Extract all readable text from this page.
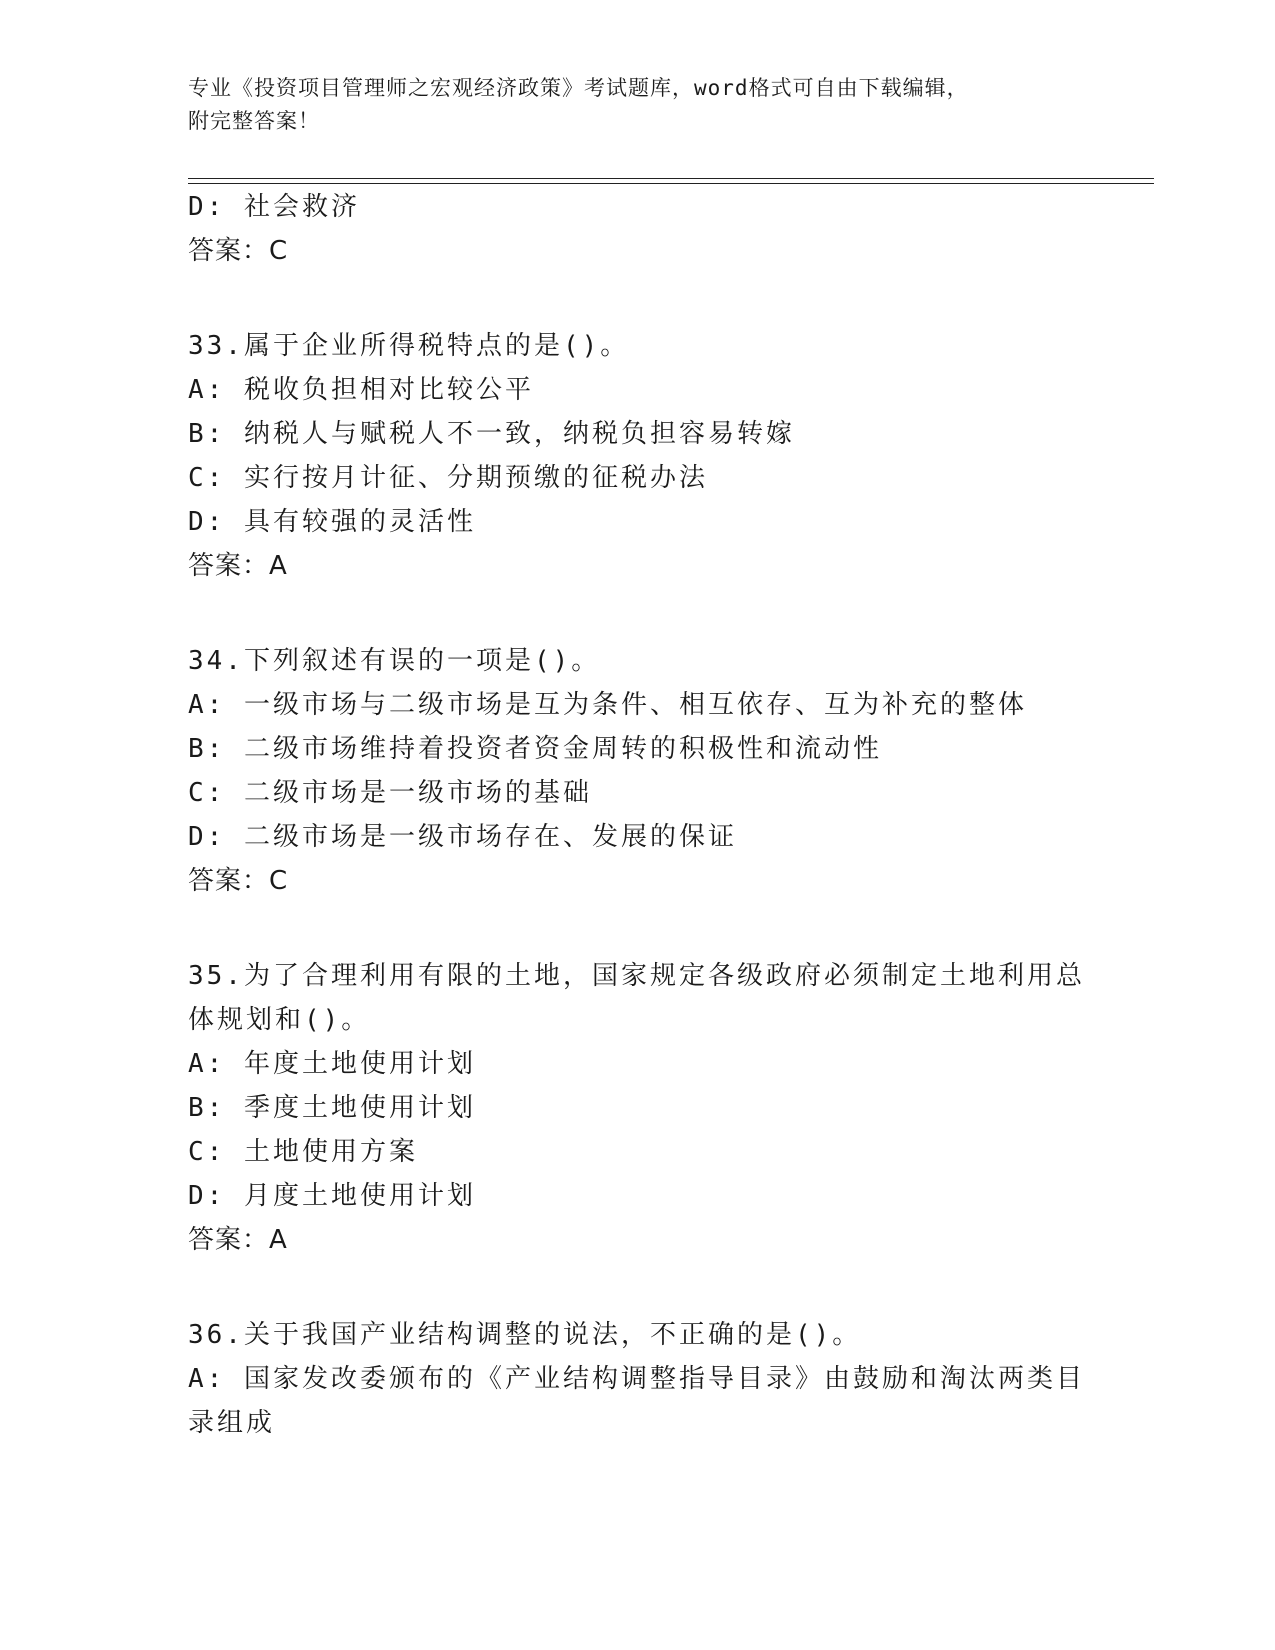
专业《投资项目管理师之宏观经济政策》考试题库，word格式可自由下载编辑，
附完整答案！
D: 社会救济
答案：C
33.属于企业所得税特点的是()。
A: 税收负担相对比较公平
B: 纳税人与赋税人不一致，纳税负担容易转嫁
C: 实行按月计征、分期预缴的征税办法
D: 具有较强的灵活性
答案：A
34.下列叙述有误的一项是()。
A: 一级市场与二级市场是互为条件、相互依存、互为补充的整体
B: 二级市场维持着投资者资金周转的积极性和流动性
C: 二级市场是一级市场的基础
D: 二级市场是一级市场存在、发展的保证
答案：C
35.为了合理利用有限的土地，国家规定各级政府必须制定土地利用总
体规划和()。
A: 年度土地使用计划
B: 季度土地使用计划
C: 土地使用方案
D: 月度土地使用计划
答案：A
36.关于我国产业结构调整的说法，不正确的是()。
A: 国家发改委颁布的《产业结构调整指导目录》由鼓励和淘汰两类目
录组成
